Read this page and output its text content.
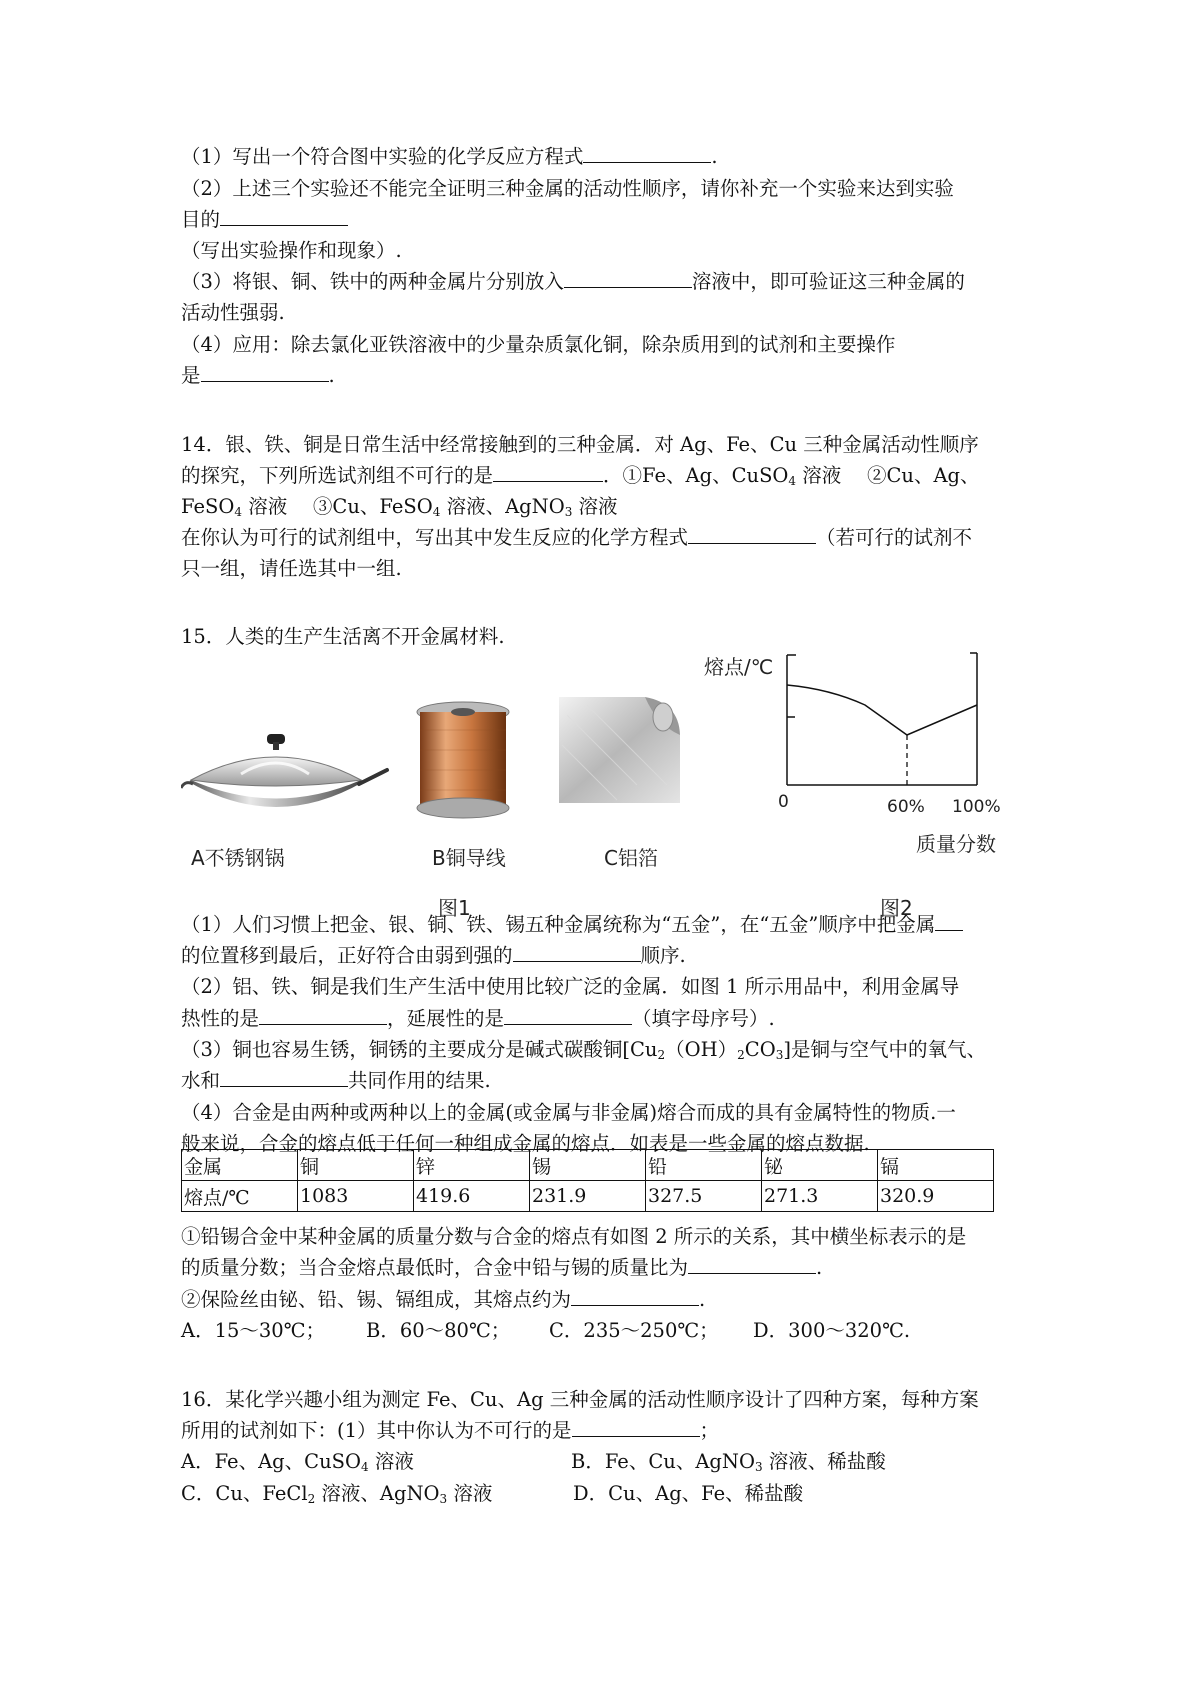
（1）写出一个符合图中实验的化学反应方程式	.
（2）上述三个实验还不能完全证明三种金属的活动性顺序，请你补充一个实验来达到实验
目的
（写出实验操作和现象）.
（3）将银、铜、铁中的两种金属片分别放入	溶液中，即可验证这三种金属的
活动性强弱.
（4）应用：除去氯化亚铁溶液中的少量杂质氯化铜，除杂质用到的试剂和主要操作
是	.
14．银、铁、铜是日常生活中经常接触到的三种金属．对 Ag、Fe、Cu 三种金属活动性顺序
的探究，下列所选试剂组不可行的是	．①Fe、Ag、CuSO$_4$ 溶液　 ②Cu、Ag、
FeSO$_4$ 溶液　 ③Cu、FeSO$_4$ 溶液、AgNO$_3$ 溶液
在你认为可行的试剂组中，写出其中发生反应的化学方程式	（若可行的试剂不
只一组，请任选其中一组.
15．人类的生产生活离不开金属材料.
A不锈钢锅	B铜导线	C铝箔
图1
熔点/℃
0	60% 100%
质量分数
图2
（1）人们习惯上把金、银、铜、铁、锡五种金属统称为“五金”，在“五金”顺序中把金属
的位置移到最后，正好符合由弱到强的	顺序.
（2）铝、铁、铜是我们生产生活中使用比较广泛的金属．如图 1 所示用品中，利用金属导
热性的是	，延展性的是	（填字母序号）.
（3）铜也容易生锈，铜锈的主要成分是碱式碳酸铜$[Cu_2(OH)_2CO_3]$是铜与空气中的氧气、
水和	共同作用的结果.
（4）合金是由两种或两种以上的金属(或金属与非金属)熔合而成的具有金属特性的物质.一
般来说，合金的熔点低于任何一种组成金属的熔点．如表是一些金属的熔点数据.
金属	铜	锌	锡	铅	铋	镉
熔点/℃	1083	419.6	231.9	327.5	271.3	320.9
①铅锡合金中某种金属的质量分数与合金的熔点有如图 2 所示的关系，其中横坐标表示的是
的质量分数；当合金熔点最低时，合金中铅与锡的质量比为	.
②保险丝由铋、铅、锡、镉组成，其熔点约为	.
A．15～30℃； B．60～80℃； C．235～250℃； D．300～320℃.
16．某化学兴趣小组为测定 Fe、Cu、Ag 三种金属的活动性顺序设计了四种方案，每种方案
所用的试剂如下：(1）其中你认为不可行的是	；
A．Fe、Ag、CuSO$_4$ 溶液	B．Fe、Cu、AgNO$_3$ 溶液、稀盐酸
C．Cu、FeCl$_2$ 溶液、AgNO$_3$ 溶液	D．Cu、Ag、Fe、稀盐酸
